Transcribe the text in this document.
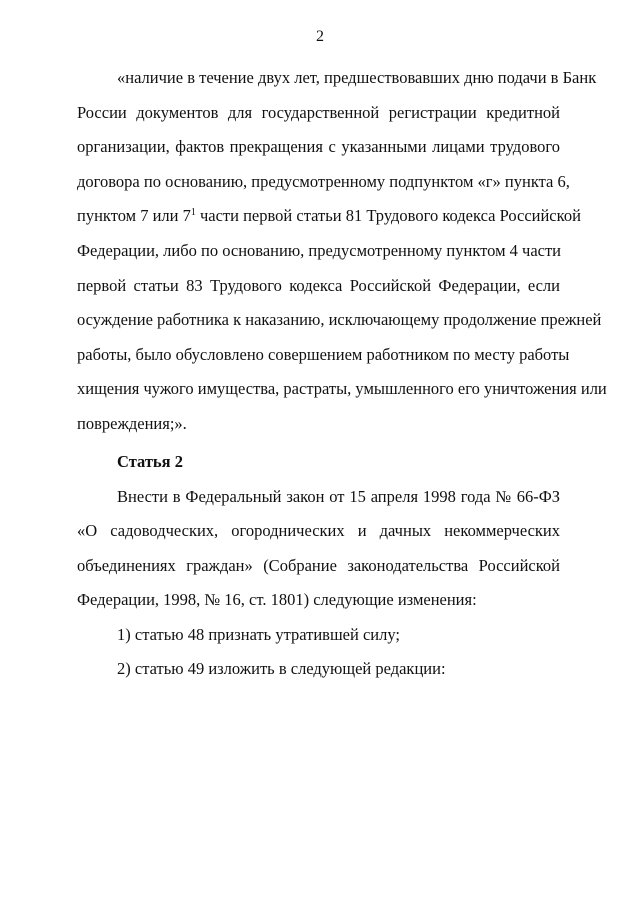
2
«наличие в течение двух лет, предшествовавших дню подачи в Банк
России документов для государственной регистрации кредитной
организации, фактов прекращения с указанными лицами трудового
договора по основанию, предусмотренному подпунктом «г» пункта 6,
пунктом 7 или $7^1$ части первой статьи 81 Трудового кодекса Российской
Федерации, либо по основанию, предусмотренному пунктом 4 части
первой статьи 83 Трудового кодекса Российской Федерации, если
осуждение работника к наказанию, исключающему продолжение прежней
работы, было обусловлено совершением работником по месту работы
хищения чужого имущества, растраты, умышленного его уничтожения или
повреждения;».
Статья 2
Внести в Федеральный закон от 15 апреля 1998 года № 66-ФЗ
«О садоводческих, огороднических и дачных некоммерческих
объединениях граждан» (Собрание законодательства Российской
Федерации, 1998, № 16, ст. 1801) следующие изменения:
1) статью 48 признать утратившей силу;
2) статью 49 изложить в следующей редакции:
